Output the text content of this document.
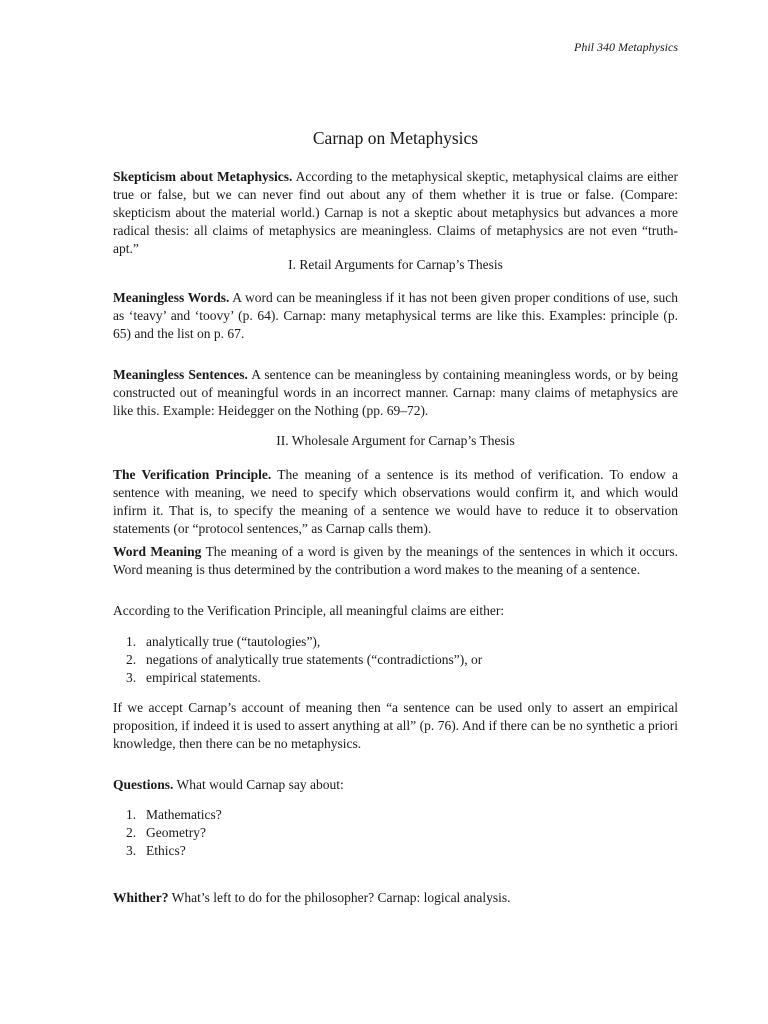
Phil 340 Metaphysics
Carnap on Metaphysics

Skepticism about Metaphysics. According to the metaphysical skeptic, metaphysical claims are either true or false, but we can never find out about any of them whether it is true or false. (Compare: skepticism about the material world.) Carnap is not a skeptic about metaphysics but advances a more radical thesis: all claims of metaphysics are meaningless. Claims of metaphysics are not even “truth-apt.”

I. Retail Arguments for Carnap’s Thesis

Meaningless Words. A word can be meaningless if it has not been given proper conditions of use, such as ‘teavy’ and ‘toovy’ (p. 64). Carnap: many metaphysical terms are like this. Examples: principle (p. 65) and the list on p. 67.

Meaningless Sentences. A sentence can be meaningless by containing meaningless words, or by being constructed out of meaningful words in an incorrect manner. Carnap: many claims of metaphysics are like this. Example: Heidegger on the Nothing (pp. 69–72).

II. Wholesale Argument for Carnap’s Thesis

The Verification Principle. The meaning of a sentence is its method of verification. To endow a sentence with meaning, we need to specify which observations would confirm it, and which would infirm it. That is, to specify the meaning of a sentence we would have to reduce it to observation statements (or “protocol sentences,” as Carnap calls them).

Word Meaning The meaning of a word is given by the meanings of the sentences in which it occurs. Word meaning is thus determined by the contribution a word makes to the meaning of a sentence.

According to the Verification Principle, all meaningful claims are either:

1. analytically true (“tautologies”),
2. negations of analytically true statements (“contradictions”), or
3. empirical statements.

If we accept Carnap’s account of meaning then “a sentence can be used only to assert an empirical proposition, if indeed it is used to assert anything at all” (p. 76). And if there can be no synthetic a priori knowledge, then there can be no metaphysics.

Questions. What would Carnap say about:

1. Mathematics?
2. Geometry?
3. Ethics?

Whither? What’s left to do for the philosopher? Carnap: logical analysis.
